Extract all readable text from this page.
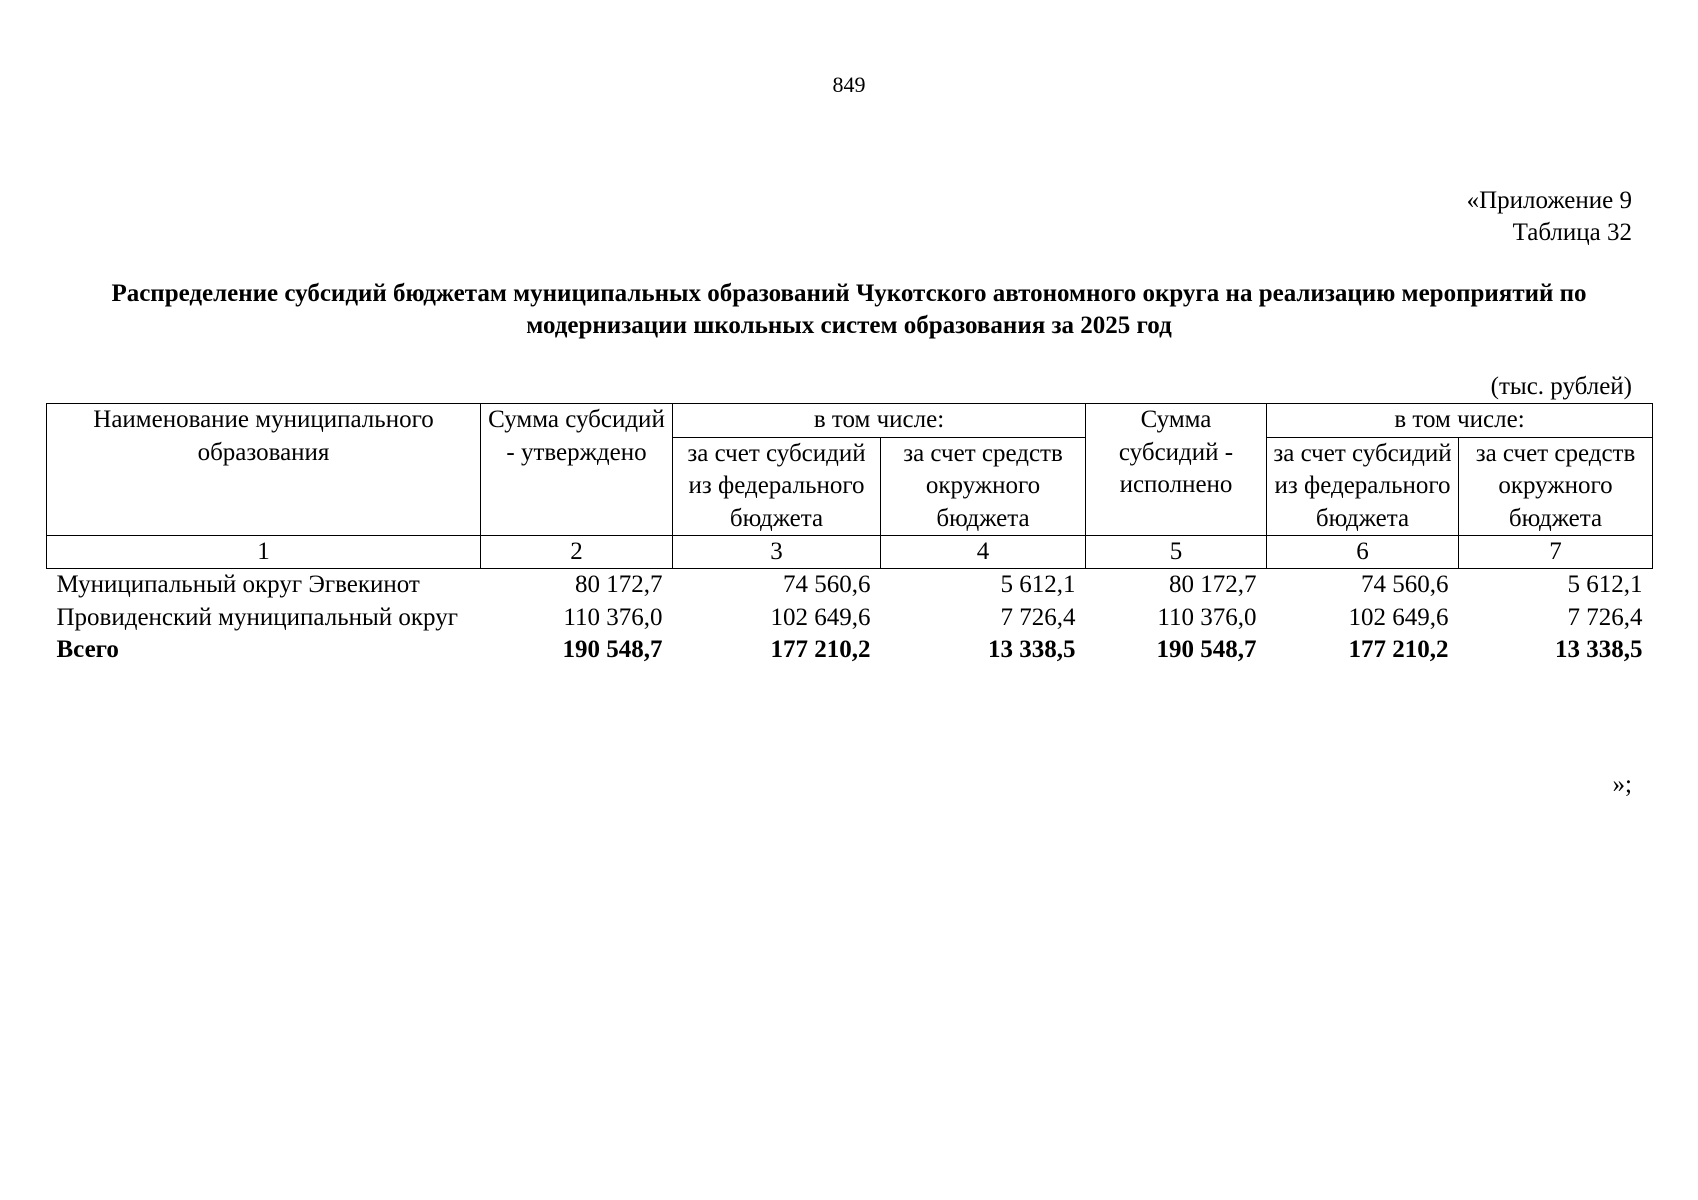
849
«Приложение 9
Таблица 32
Распределение субсидий бюджетам муниципальных образований Чукотского автономного округа на реализацию мероприятий по модернизации школьных систем образования за 2025 год
(тыс. рублей)
Наименование муниципального образования	Сумма субсидий - утверждено	в том числе:		Сумма субсидий - исполнено	в том числе:	
		за счет субсидий из федерального бюджета	за счет средств окружного бюджета		за счет субсидий из федерального бюджета	за счет средств окружного бюджета
1	2	3	4	5	6	7
Муниципальный округ Эгвекинот	80 172,7	74 560,6	5 612,1	80 172,7	74 560,6	5 612,1
Провиденский муниципальный округ	110 376,0	102 649,6	7 726,4	110 376,0	102 649,6	7 726,4
Всего	190 548,7	177 210,2	13 338,5	190 548,7	177 210,2	13 338,5
»;
